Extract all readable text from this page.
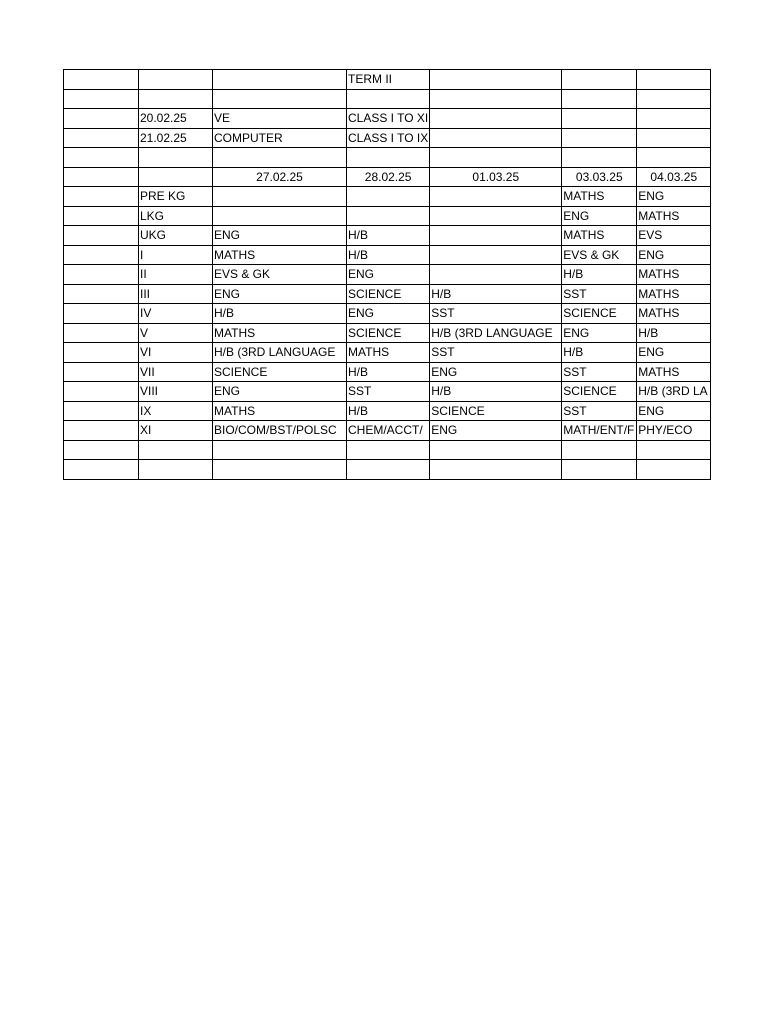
			TERM II			

	20.02.25	VE	CLASS I TO XI			
	21.02.25	COMPUTER	CLASS I TO IX			

		27.02.25	28.02.25	01.03.25	03.03.25	04.03.25
	PRE KG				MATHS	ENG
	LKG				ENG	MATHS
	UKG	ENG	H/B		MATHS	EVS
	I	MATHS	H/B		EVS & GK	ENG
	II	EVS & GK	ENG		H/B	MATHS
	III	ENG	SCIENCE	H/B	SST	MATHS
	IV	H/B	ENG	SST	SCIENCE	MATHS
	V	MATHS	SCIENCE	H/B (3RD LANGUAGE	ENG	H/B
	VI	H/B (3RD LANGUAGE	MATHS	SST	H/B	ENG
	VII	SCIENCE	H/B	ENG	SST	MATHS
	VIII	ENG	SST	H/B	SCIENCE	H/B (3RD LA
	IX	MATHS	H/B	SCIENCE	SST	ENG
	XI	BIO/COM/BST/POLSC	CHEM/ACCT/	ENG	MATH/ENT/F	PHY/ECO
